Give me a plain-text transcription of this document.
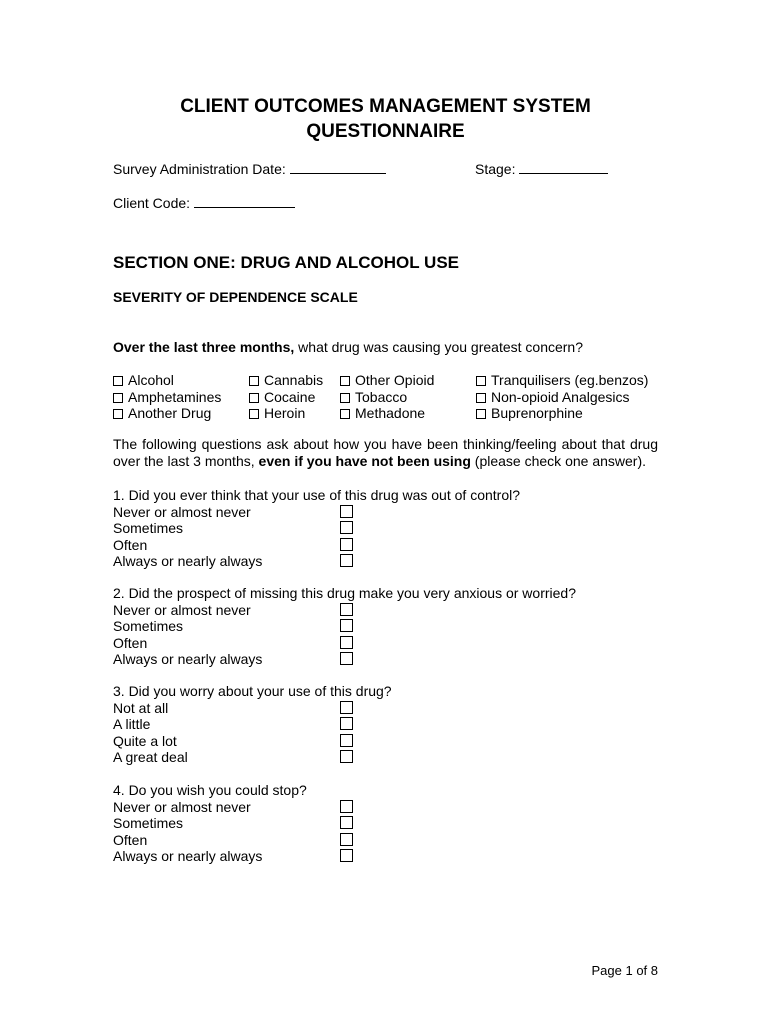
CLIENT OUTCOMES MANAGEMENT SYSTEM
QUESTIONNAIRE
Survey Administration Date:	Stage:
Client Code:
SECTION ONE: DRUG AND ALCOHOL USE
SEVERITY OF DEPENDENCE SCALE
Over the last three months, what drug was causing you greatest concern?
Alcohol
Amphetamines
Another Drug
Cannabis
Cocaine
Heroin
Other Opioid
Tobacco
Methadone
Tranquilisers (eg.benzos)
Non-opioid Analgesics
Buprenorphine
The following questions ask about how you have been thinking/feeling about that drug over the last 3 months, even if you have not been using (please check one answer).
1. Did you ever think that your use of this drug was out of control?
Never or almost never
Sometimes
Often
Always or nearly always
2. Did the prospect of missing this drug make you very anxious or worried?
Never or almost never
Sometimes
Often
Always or nearly always
3. Did you worry about your use of this drug?
Not at all
A little
Quite a lot
A great deal
4. Do you wish you could stop?
Never or almost never
Sometimes
Often
Always or nearly always
Page 1 of 8
